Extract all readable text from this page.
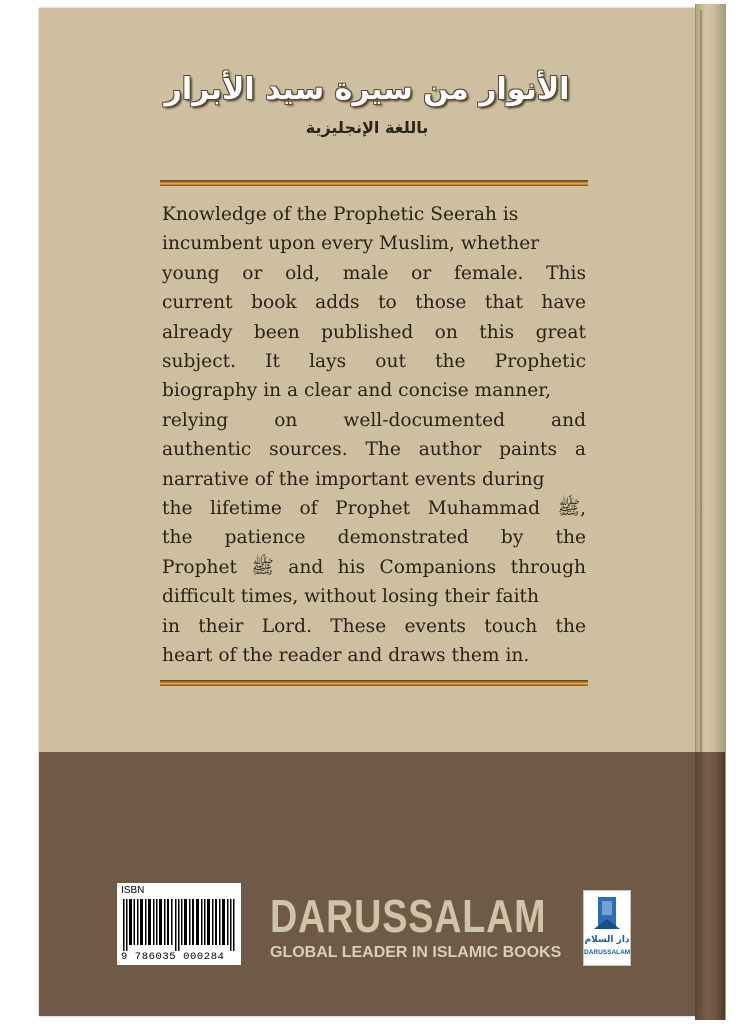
الأنوار من سيرة سيد الأبرار
باللغة الإنجليزية
Knowledge of the Prophetic Seerah is
incumbent upon every Muslim, whether
young or old, male or female. This
current book adds to those that have
already been published on this great
subject. It lays out the Prophetic
biography in a clear and concise manner,
relying on well-documented and
authentic sources. The author paints a
narrative of the important events during
the lifetime of Prophet Muhammad ﷺ,
the patience demonstrated by the
Prophet ﷺ and his Companions through
difficult times, without losing their faith
in their Lord. These events touch the
heart of the reader and draws them in.
ISBN
9 786035 000284
DARUSSALAM
GLOBAL LEADER IN ISLAMIC BOOKS
دار السلام
DARUSSALAM
